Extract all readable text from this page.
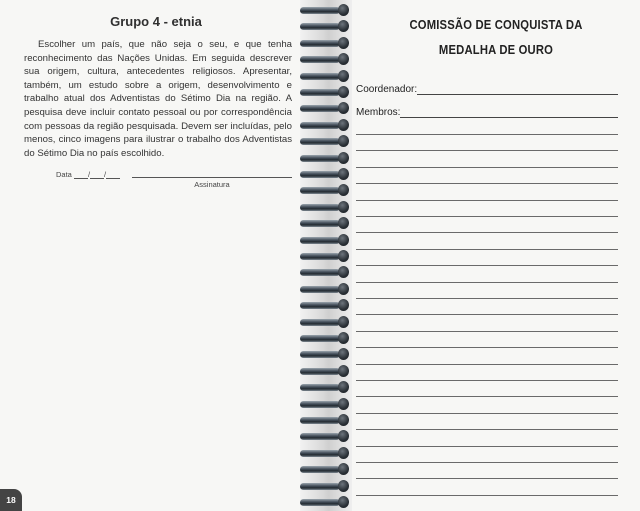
Grupo 4 - etnia

Escolher um país, que não seja o seu, e que tenha reconhecimento das Nações Unidas. Em seguida descrever sua origem, cultura, antecedentes religiosos. Apresentar, também, um estudo sobre a origem, desenvolvimento e trabalho atual dos Adventistas do Sétimo Dia na região. A pesquisa deve incluir contato pessoal ou por correspondência com pessoas da região pesquisada. Devem ser incluídas, pelo menos, cinco imagens para ilustrar o trabalho dos Adventistas do Sétimo Dia no país escolhido.

Data / /
Assinatura
18
COMISSÃO DE CONQUISTA DA
MEDALHA DE OURO
Coordenador:
Membros:
